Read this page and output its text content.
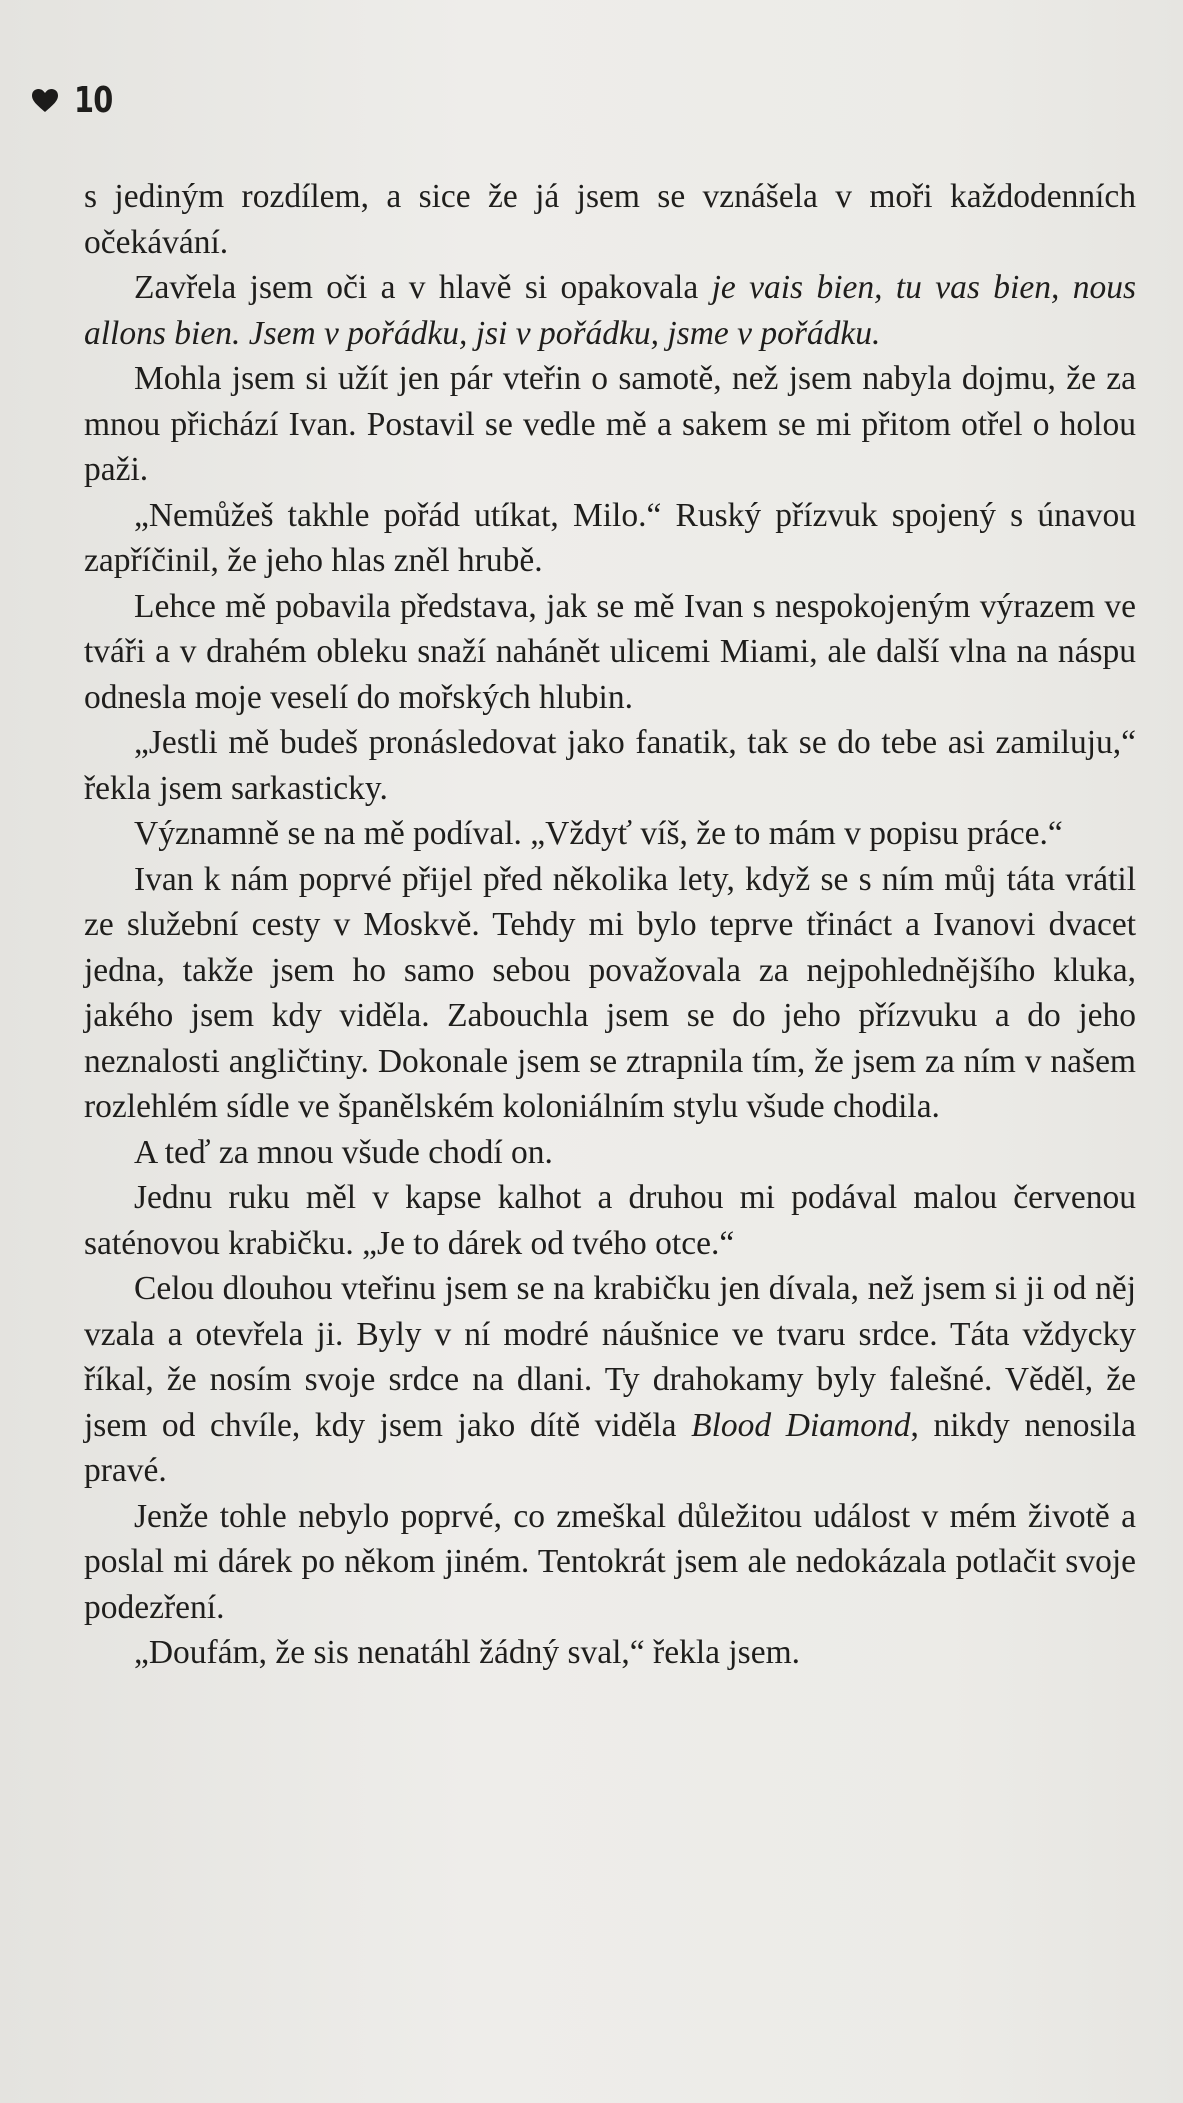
10

s jediným rozdílem, a sice že já jsem se vznášela v moři každodenních očekávání.

Zavřela jsem oči a v hlavě si opakovala je vais bien, tu vas bien, nous allons bien. Jsem v pořádku, jsi v pořádku, jsme v pořádku.

Mohla jsem si užít jen pár vteřin o samotě, než jsem nabyla dojmu, že za mnou přichází Ivan. Postavil se vedle mě a sakem se mi přitom otřel o holou paži.

„Nemůžeš takhle pořád utíkat, Milo.“ Ruský přízvuk spojený s únavou zapříčinil, že jeho hlas zněl hrubě.

Lehce mě pobavila představa, jak se mě Ivan s nespokojeným výrazem ve tváři a v drahém obleku snaží nahánět ulicemi Miami, ale další vlna na náspu odnesla moje veselí do mořských hlubin.

„Jestli mě budeš pronásledovat jako fanatik, tak se do tebe asi zamiluju,“ řekla jsem sarkasticky.

Významně se na mě podíval. „Vždyť víš, že to mám v popisu práce.“

Ivan k nám poprvé přijel před několika lety, když se s ním můj táta vrátil ze služební cesty v Moskvě. Tehdy mi bylo teprve třináct a Ivanovi dvacet jedna, takže jsem ho samo sebou považovala za nejpohlednějšího kluka, jakého jsem kdy viděla. Zabouchla jsem se do jeho přízvuku a do jeho neznalosti angličtiny. Dokonale jsem se ztrapnila tím, že jsem za ním v našem rozlehlém sídle ve španělském koloniálním stylu všude chodila.

A teď za mnou všude chodí on.

Jednu ruku měl v kapse kalhot a druhou mi podával malou červenou saténovou krabičku. „Je to dárek od tvého otce.“

Celou dlouhou vteřinu jsem se na krabičku jen dívala, než jsem si ji od něj vzala a otevřela ji. Byly v ní modré náušnice ve tvaru srdce. Táta vždycky říkal, že nosím svoje srdce na dlani. Ty drahokamy byly falešné. Věděl, že jsem od chvíle, kdy jsem jako dítě viděla Blood Diamond, nikdy nenosila pravé.

Jenže tohle nebylo poprvé, co zmeškal důležitou událost v mém životě a poslal mi dárek po někom jiném. Tentokrát jsem ale nedokázala potlačit svoje podezření.

„Doufám, že sis nenatáhl žádný sval,“ řekla jsem.
